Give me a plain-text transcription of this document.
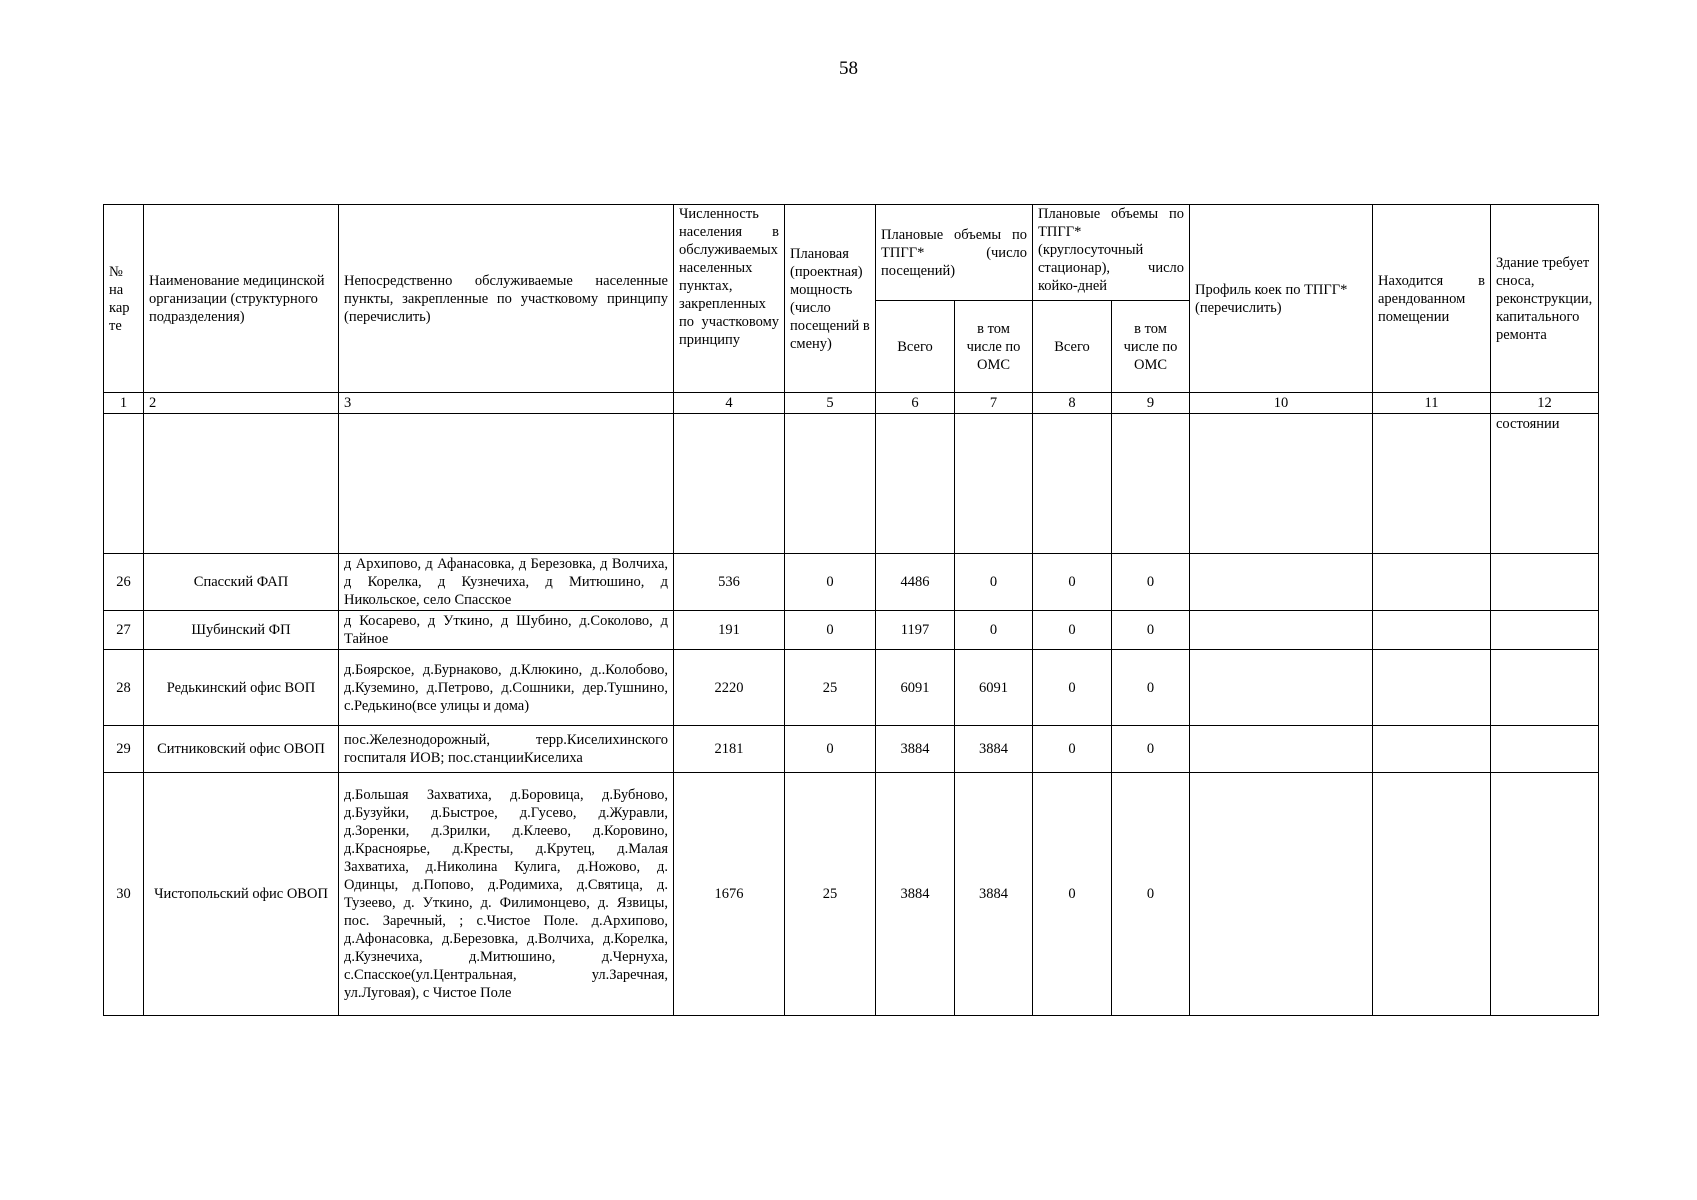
58
№ на кар те	Наименование медицинской организации (структурного подразделения)	Непосредственно обслуживаемые населенные пункты, закрепленные по участковому принципу (перечислить)	Численность населения в обслуживаемых населенных пунктах, закрепленных по участковому принципу	Плановая (проектная) мощность (число посещений в смену)	Плановые объемы по ТПГГ* (число посещений)		Плановые объемы по ТПГГ* (круглосуточный стационар), число койко-дней		Профиль коек по ТПГГ* (перечислить)	Находится в арендованном помещении	Здание требует сноса, реконструкции, капитального ремонта
					Всего	в том числе по ОМС	Всего	в том числе по ОМС			
1	2	3	4	5	6	7	8	9	10	11	12
											состоянии
26	Спасский ФАП	д Архипово, д Афанасовка, д Березовка, д Волчиха, д Корелка, д Кузнечиха, д Митюшино, д Никольское, село Спасское	536	0	4486	0	0	0			
27	Шубинский ФП	д Косарево, д Уткино, д Шубино, д.Соколово, д Тайное	191	0	1197	0	0	0			
28	Редькинский офис ВОП	д.Боярское, д.Бурнаково, д.Клюкино, д..Колобово, д.Куземино, д.Петрово, д.Сошники, дер.Тушнино, с.Редькино(все улицы и дома)	2220	25	6091	6091	0	0			
29	Ситниковский офис ОВОП	пос.Железнодорожный, терр.Киселихинского госпиталя ИОВ; пос.станцииКиселиха	2181	0	3884	3884	0	0			
30	Чистопольский офис ОВОП	д.Большая Захватиха, д.Боровица, д.Бубново, д.Бузуйки, д.Быстрое, д.Гусево, д.Журавли, д.Зоренки, д.Зрилки, д.Клеево, д.Коровино, д.Красноярье, д.Кресты, д.Крутец, д.Малая Захватиха, д.Николина Кулига, д.Ножово, д. Одинцы, д.Попово, д.Родимиха, д.Святица, д. Тузеево, д. Уткино, д. Филимонцево, д. Язвицы, пос. Заречный, ; с.Чистое Поле. д.Архипово, д.Афонасовка, д.Березовка, д.Волчиха, д.Корелка, д.Кузнечиха, д.Митюшино, д.Чернуха, с.Спасское(ул.Центральная, ул.Заречная, ул.Луговая), с Чистое Поле	1676	25	3884	3884	0	0			
